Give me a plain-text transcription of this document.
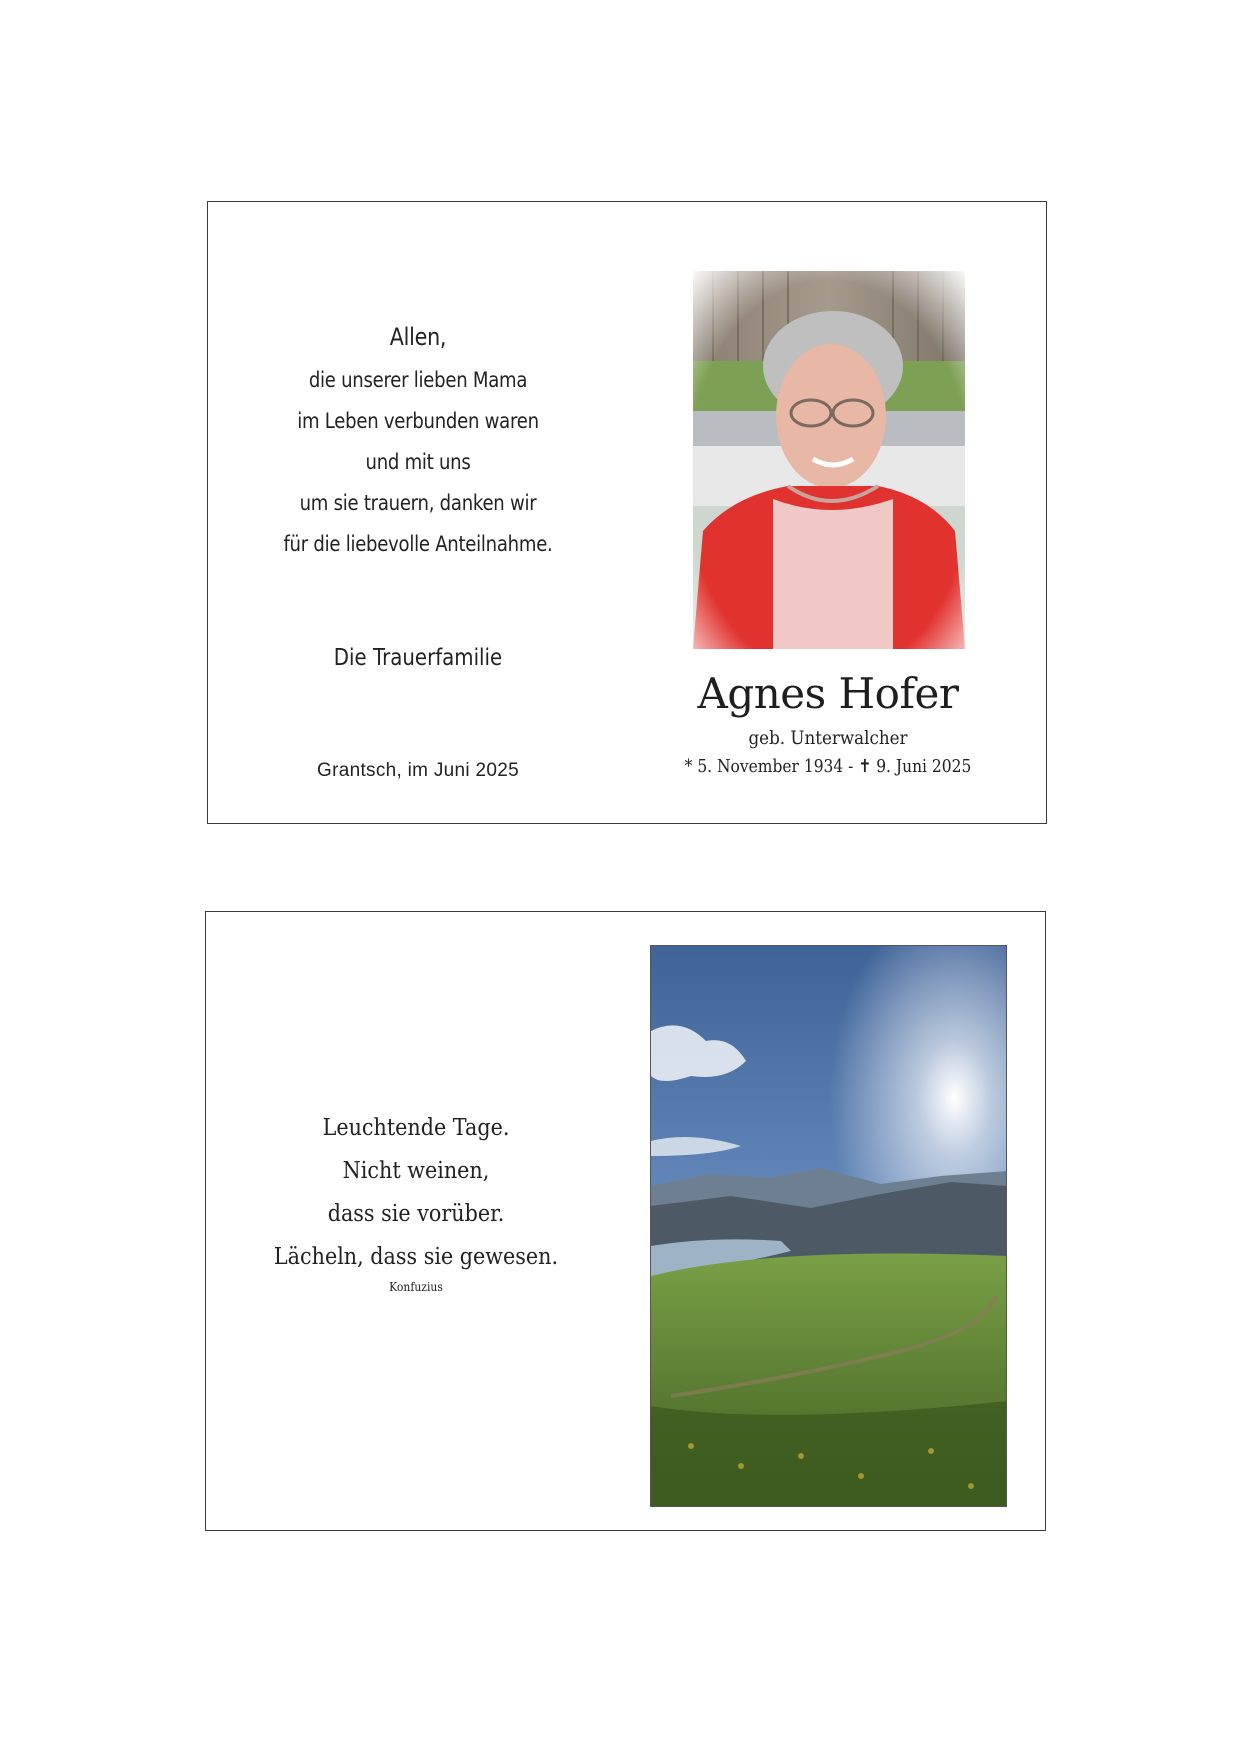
Allen,
die unserer lieben Mama
im Leben verbunden waren
und mit uns
um sie trauern, danken wir
für die liebevolle Anteilnahme.
Die Trauerfamilie
Grantsch, im Juni 2025
Agnes Hofer
geb. Unterwalcher
* 5. November 1934 - ✝ 9. Juni 2025
Leuchtende Tage.
Nicht weinen,
dass sie vorüber.
Lächeln, dass sie gewesen.
Konfuzius
